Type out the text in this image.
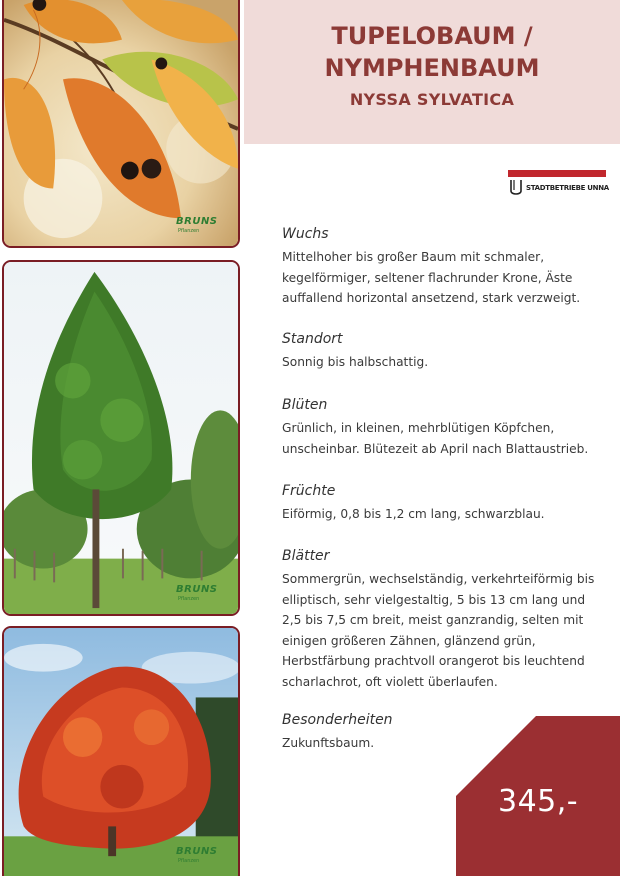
BRUNS
Pflanzen
BRUNS
Pflanzen
BRUNS
Pflanzen
TUPELOBAUM /
NYMPHENBAUM
NYSSA SYLVATICA
STADTBETRIEBE UNNA
Wuchs

Mittelhoher bis großer Baum mit schmaler,
kegelförmiger, seltener flachrunder Krone, Äste
auffallend horizontal ansetzend, stark verzweigt.

Standort

Sonnig bis halbschattig.

Blüten

Grünlich, in kleinen, mehrblütigen Köpfchen,
unscheinbar. Blütezeit ab April nach Blattaustrieb.

Früchte

Eiförmig, 0,8 bis 1,2 cm lang, schwarzblau.

Blätter

Sommergrün, wechselständig, verkehrteiförmig bis
elliptisch, sehr vielgestaltig, 5 bis 13 cm lang und
2,5 bis 7,5 cm breit, meist ganzrandig, selten mit
einigen größeren Zähnen, glänzend grün,
Herbstfärbung prachtvoll orangerot bis leuchtend
scharlachrot, oft violett überlaufen.

Besonderheiten

Zukunftsbaum.

345,-
